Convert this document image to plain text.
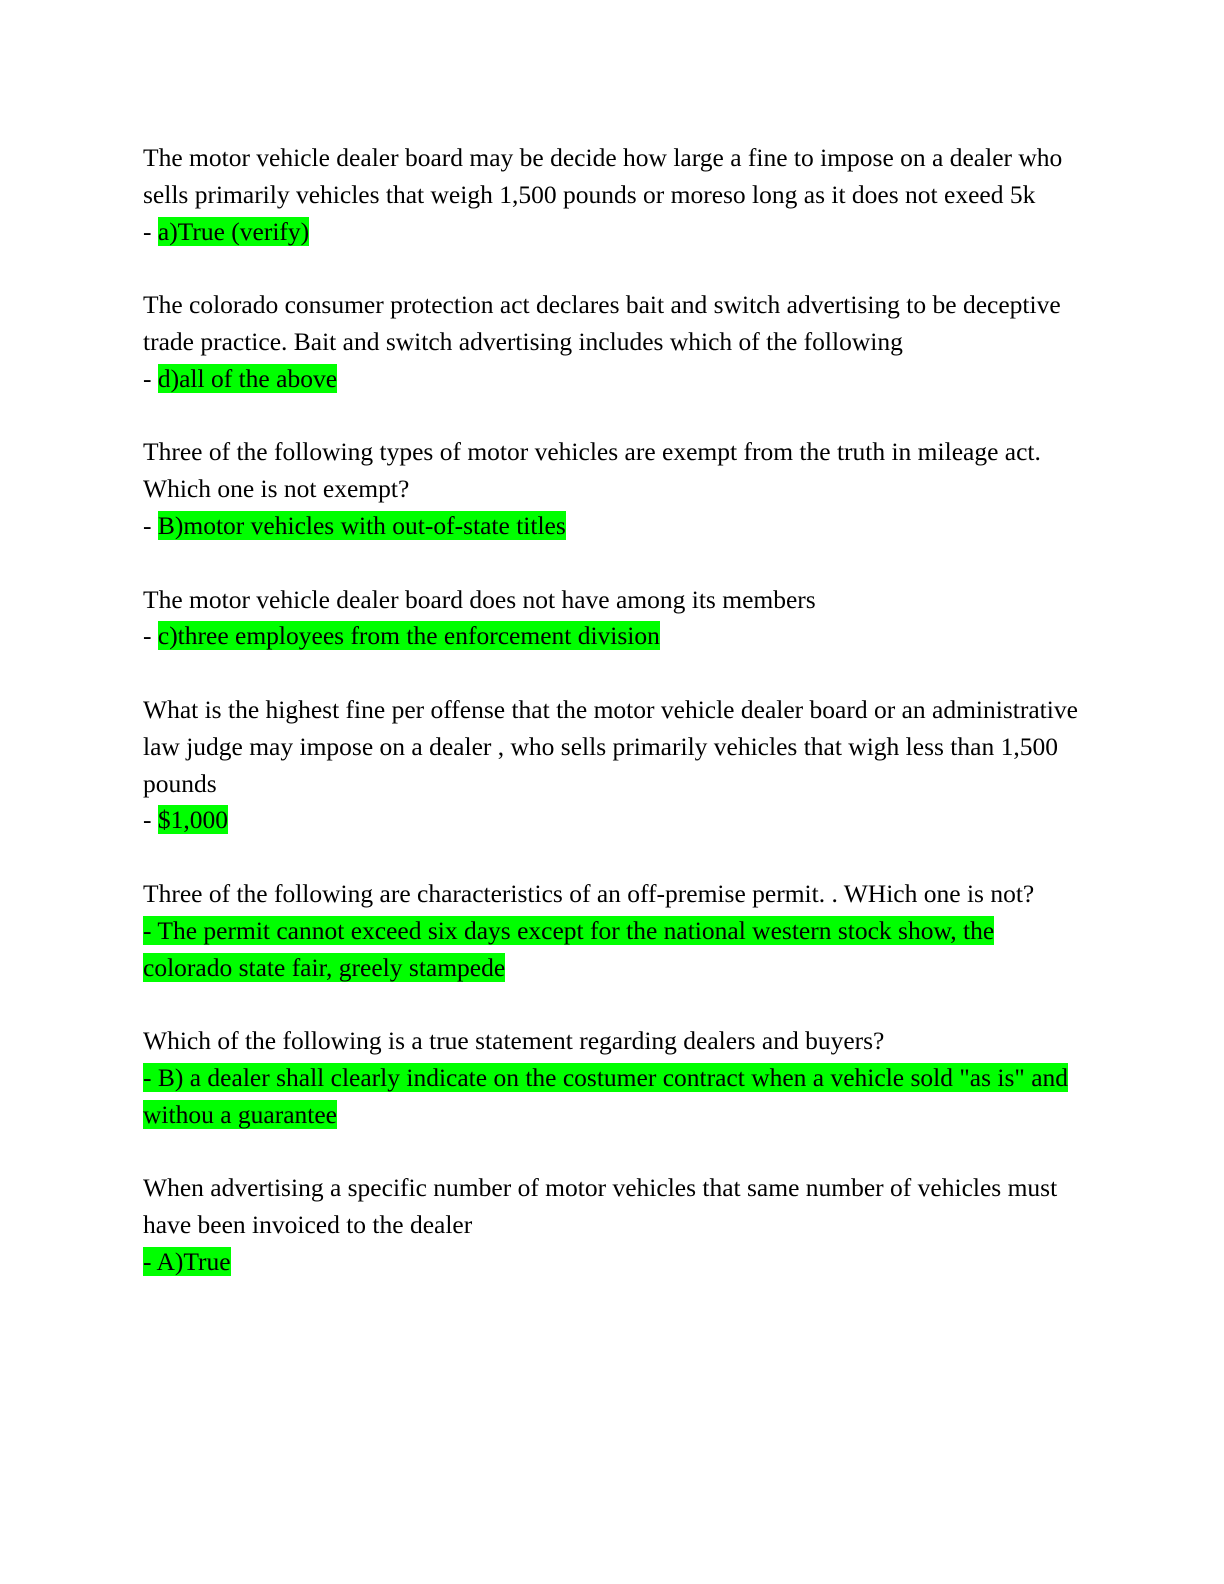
The motor vehicle dealer board may be decide how large a fine to impose on a dealer who sells primarily vehicles that weigh 1,500 pounds or moreso long as it does not exeed 5k
- a)True (verify)
The colorado consumer protection act declares bait and switch advertising to be deceptive trade practice. Bait and switch advertising includes which of the following
- d)all of the above
Three of the following types of motor vehicles are exempt from the truth in mileage act. Which one is not exempt?
- B)motor vehicles with out-of-state titles
The motor vehicle dealer board does not have among its members
- c)three employees from the enforcement division
What is the highest fine per offense that the motor vehicle dealer board or an administrative law judge may impose on a dealer , who sells primarily vehicles that wigh less than 1,500 pounds
- $1,000
Three of the following are characteristics of an off-premise permit. . WHich one is not?
- The permit cannot exceed six days except for the national western stock show, the colorado state fair, greely stampede
Which of the following is a true statement regarding dealers and buyers?
- B) a dealer shall clearly indicate on the costumer contract when a vehicle sold "as is" and withou a guarantee
When advertising a specific number of motor vehicles that same number of vehicles must have been invoiced to the dealer
- A)True
